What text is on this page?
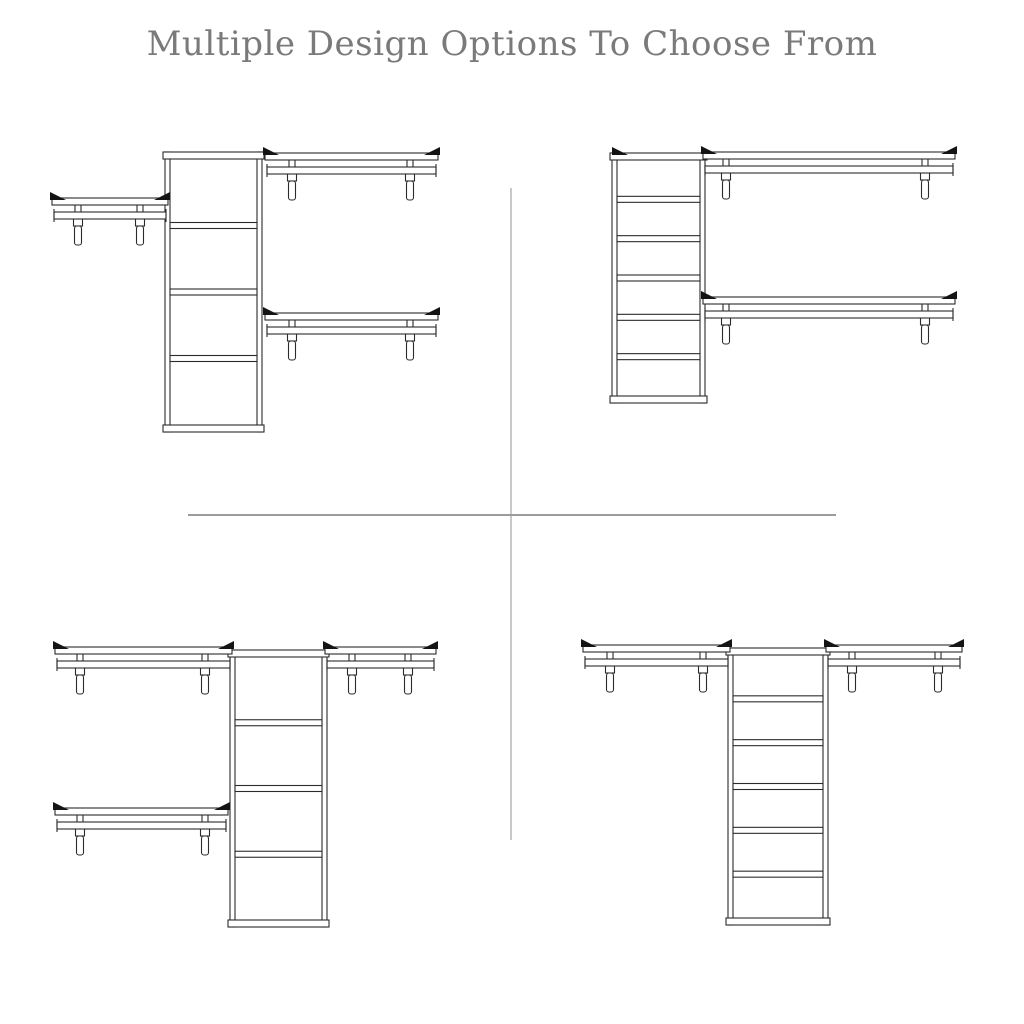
Multiple Design Options To Choose From
